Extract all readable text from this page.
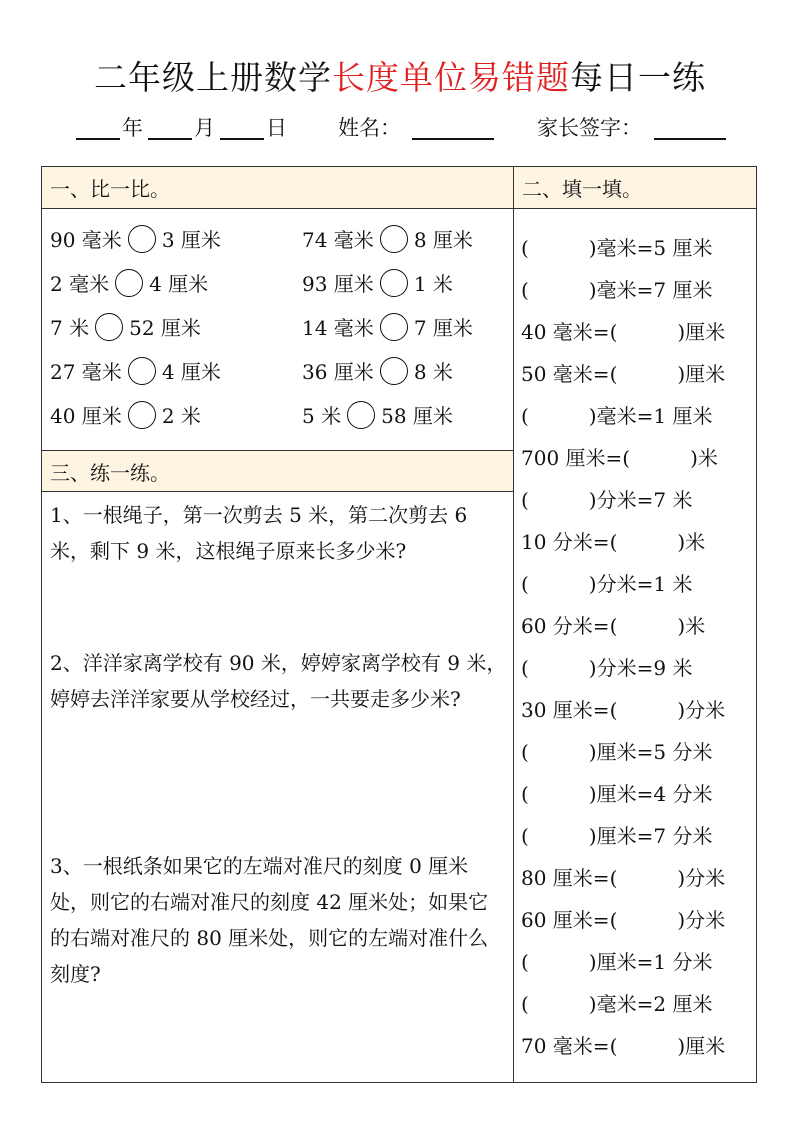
二年级上册数学长度单位易错题每日一练
年 月 日 姓名：	家长签字：
一、比一比。	二、填一填。
90 毫米 3 厘米	74 毫米 8 厘米
2 毫米 4 厘米	93 厘米 1 米
7 米 52 厘米	14 毫米 7 厘米
27 毫米 4 厘米	36 厘米 8 米
40 厘米 2 米	5 米 58 厘米
三、练一练。
1、一根绳子，第一次剪去 5 米，第二次剪去 6 米，剩下 9 米，这根绳子原来长多少米?
2、洋洋家离学校有 90 米，婷婷家离学校有 9 米，婷婷去洋洋家要从学校经过，一共要走多少米?
3、一根纸条如果它的左端对准尺的刻度 0 厘米处，则它的右端对准尺的刻度 42 厘米处；如果它的右端对准尺的 80 厘米处，则它的左端对准什么刻度?
(　　　)毫米=5 厘米
(　　　)毫米=7 厘米
40 毫米=(　　　)厘米
50 毫米=(　　　)厘米
(　　　)毫米=1 厘米
700 厘米=(　　　)米
(　　　)分米=7 米
10 分米=(　　　)米
(　　　)分米=1 米
60 分米=(　　　)米
(　　　)分米=9 米
30 厘米=(　　　)分米
(　　　)厘米=5 分米
(　　　)厘米=4 分米
(　　　)厘米=7 分米
80 厘米=(　　　)分米
60 厘米=(　　　)分米
(　　　)厘米=1 分米
(　　　)毫米=2 厘米
70 毫米=(　　　)厘米
